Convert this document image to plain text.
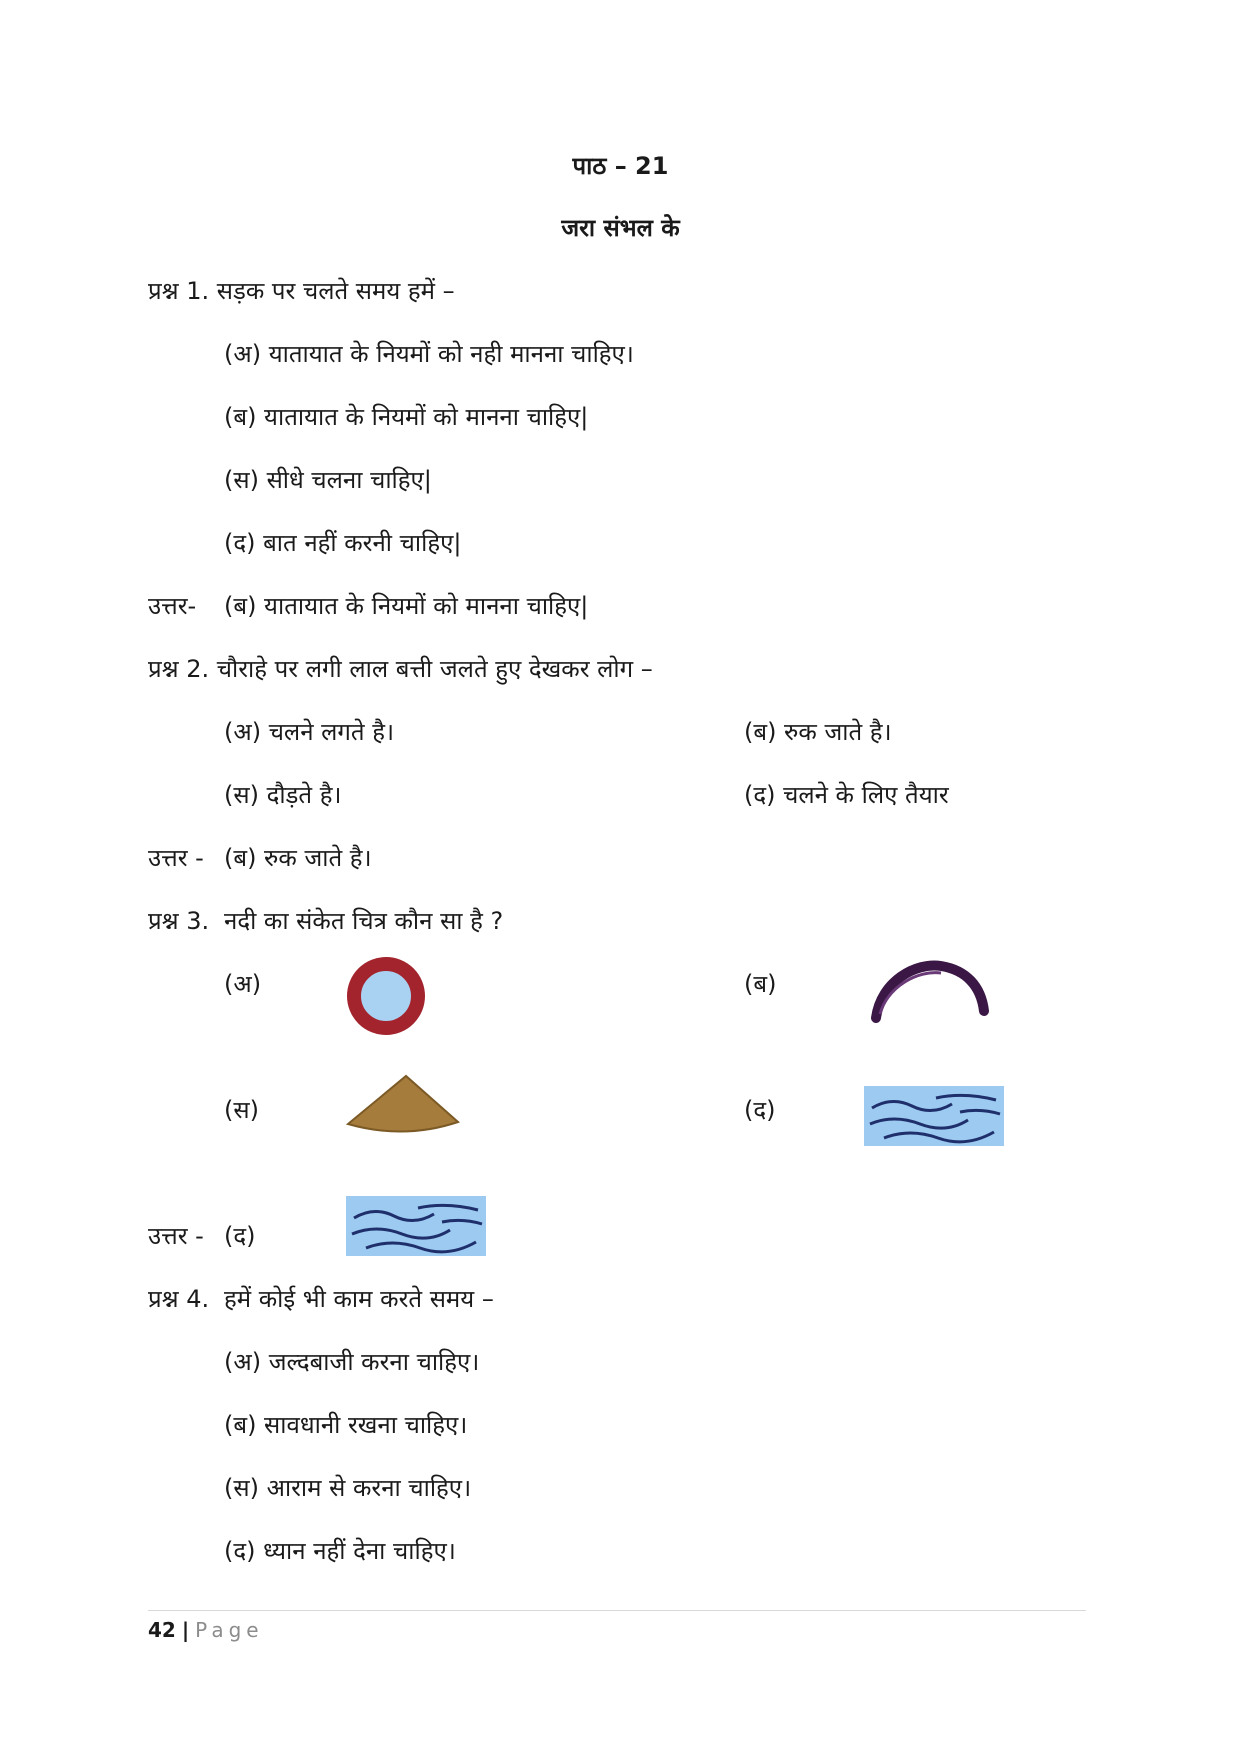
पाठ – 21
जरा संभल के
प्रश्न 1. सड़क पर चलते समय हमें –
(अ) यातायात के नियमों को नही मानना चाहिए।
(ब) यातायात के नियमों को मानना चाहिए|
(स) सीधे चलना चाहिए|
(द) बात नहीं करनी चाहिए|
उत्तर- (ब) यातायात के नियमों को मानना चाहिए|
प्रश्न 2. चौराहे पर लगी लाल बत्ती जलते हुए देखकर लोग –
(अ) चलने लगते है।	(ब) रुक जाते है।
(स) दौड़ते है।	(द) चलने के लिए तैयार
उत्तर - (ब) रुक जाते है।
प्रश्न 3. नदी का संकेत चित्र कौन सा है ?
(अ)	(ब)
(स)	(द)
उत्तर - (द)
प्रश्न 4. हमें कोई भी काम करते समय –
(अ) जल्दबाजी करना चाहिए।
(ब) सावधानी रखना चाहिए।
(स) आराम से करना चाहिए।
(द) ध्यान नहीं देना चाहिए।
42 | Page
